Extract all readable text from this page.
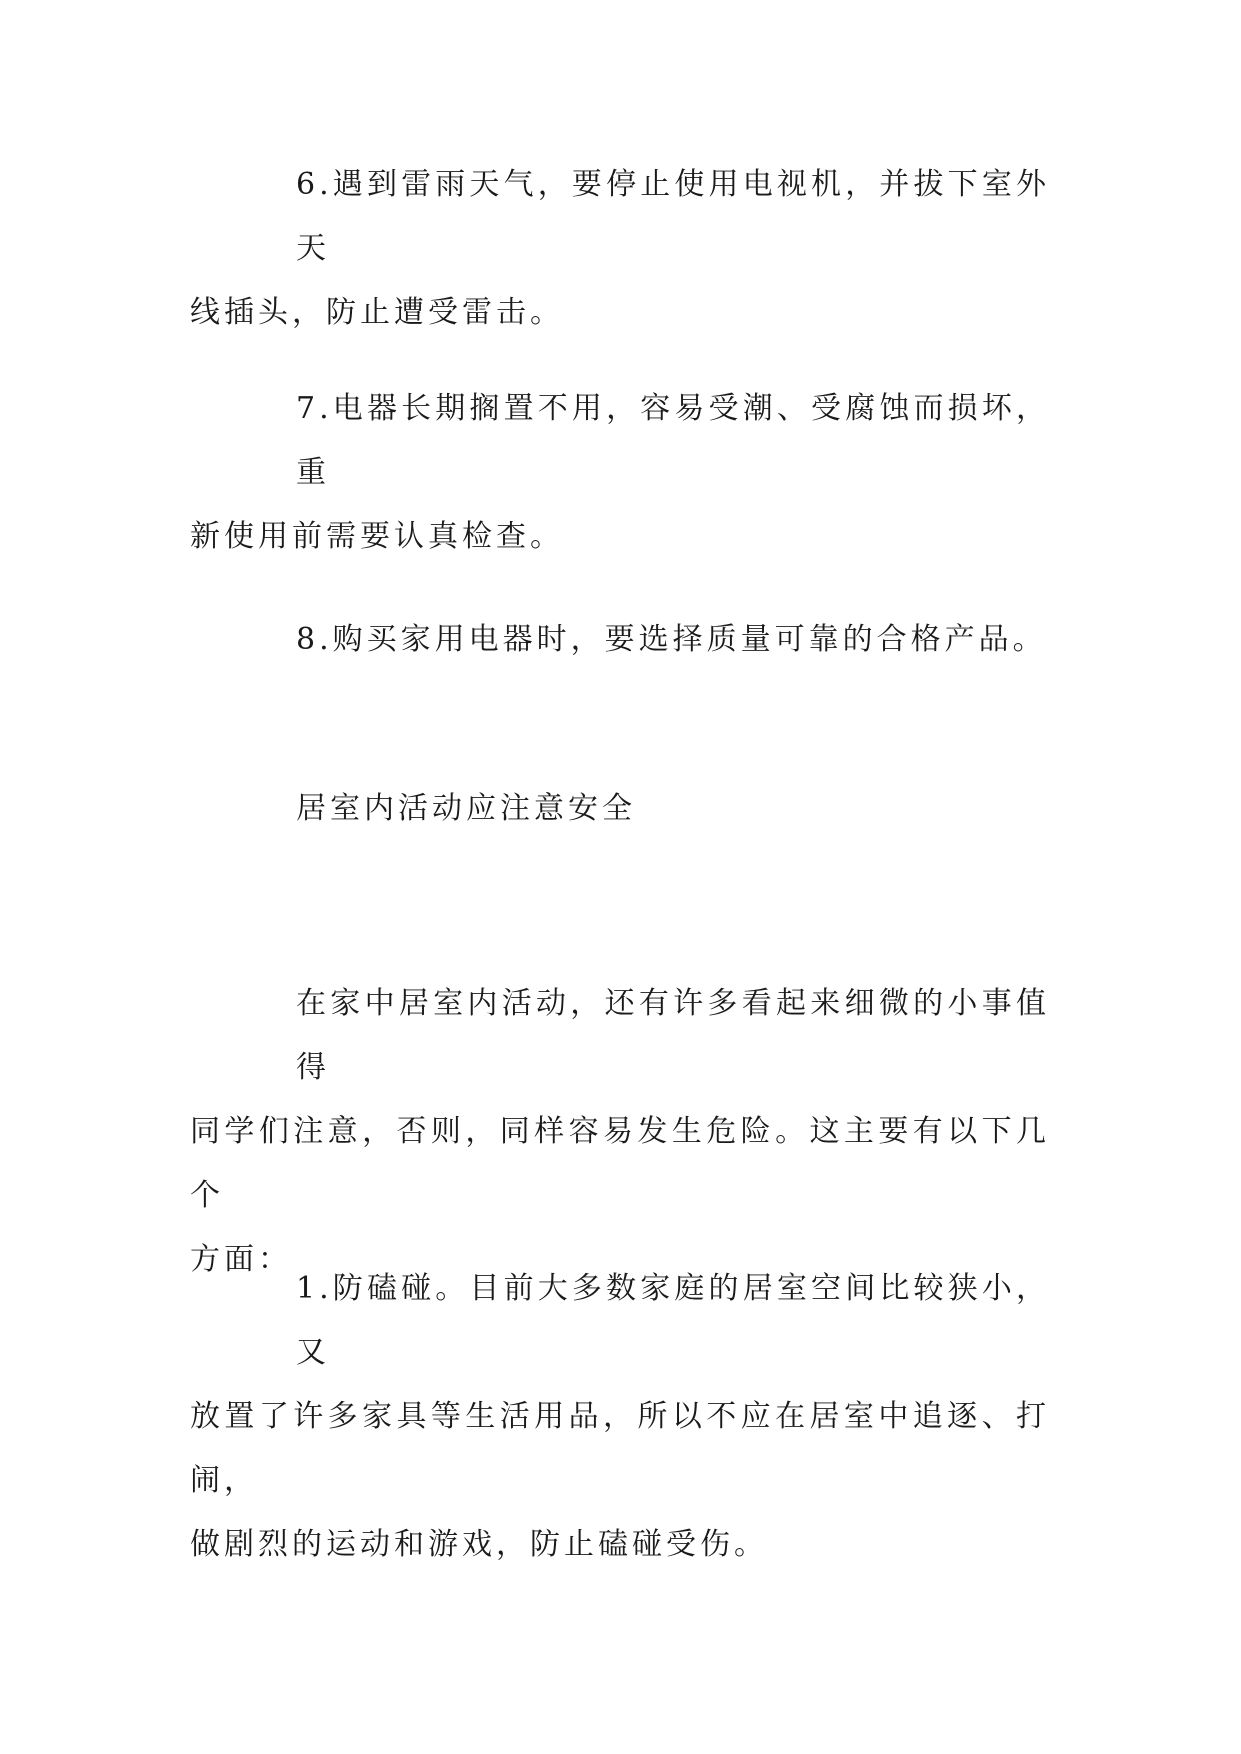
6.遇到雷雨天气，要停止使用电视机，并拔下室外天
线插头，防止遭受雷击。
7.电器长期搁置不用，容易受潮、受腐蚀而损坏，重
新使用前需要认真检查。
8.购买家用电器时，要选择质量可靠的合格产品。
居室内活动应注意安全
在家中居室内活动，还有许多看起来细微的小事值得
同学们注意，否则，同样容易发生危险。这主要有以下几个
方面：
1.防磕碰。目前大多数家庭的居室空间比较狭小，又
放置了许多家具等生活用品，所以不应在居室中追逐、打闹，
做剧烈的运动和游戏，防止磕碰受伤。
